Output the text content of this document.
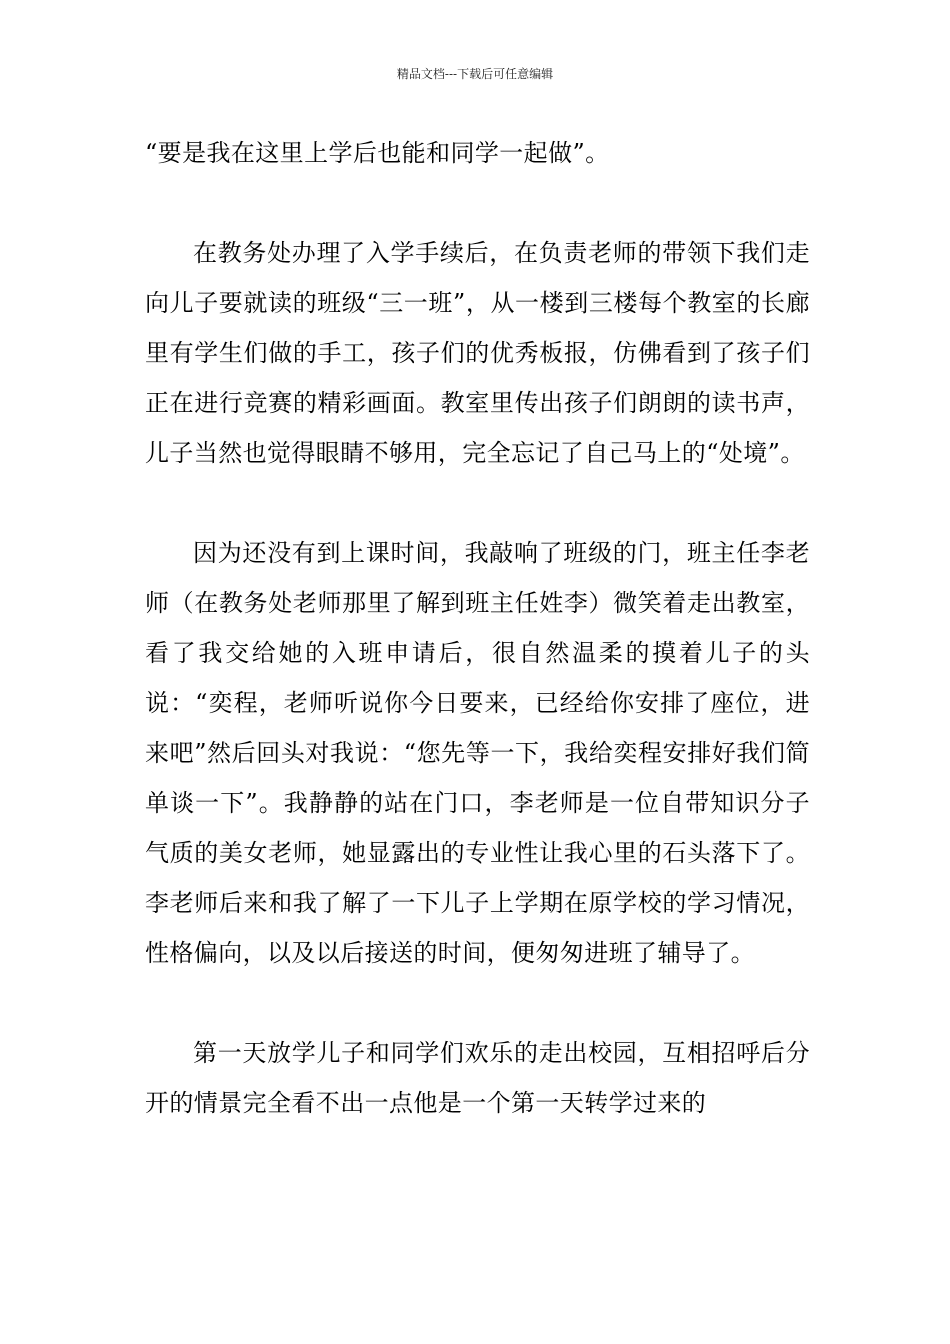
精品文档---下载后可任意编辑

“要是我在这里上学后也能和同学一起做”。

在教务处办理了入学手续后，在负责老师的带领下我们走向儿子要就读的班级“三一班”，从一楼到三楼每个教室的长廊里有学生们做的手工，孩子们的优秀板报，仿佛看到了孩子们正在进行竞赛的精彩画面。教室里传出孩子们朗朗的读书声，儿子当然也觉得眼睛不够用，完全忘记了自己马上的“处境”。

因为还没有到上课时间，我敲响了班级的门，班主任李老师（在教务处老师那里了解到班主任姓李）微笑着走出教室，看了我交给她的入班申请后，很自然温柔的摸着儿子的头说：“奕程，老师听说你今日要来，已经给你安排了座位，进来吧”然后回头对我说：“您先等一下，我给奕程安排好我们简单谈一下”。我静静的站在门口，李老师是一位自带知识分子气质的美女老师，她显露出的专业性让我心里的石头落下了。李老师后来和我了解了一下儿子上学期在原学校的学习情况，性格偏向，以及以后接送的时间，便匆匆进班了辅导了。

第一天放学儿子和同学们欢乐的走出校园，互相招呼后分开的情景完全看不出一点他是一个第一天转学过来的
